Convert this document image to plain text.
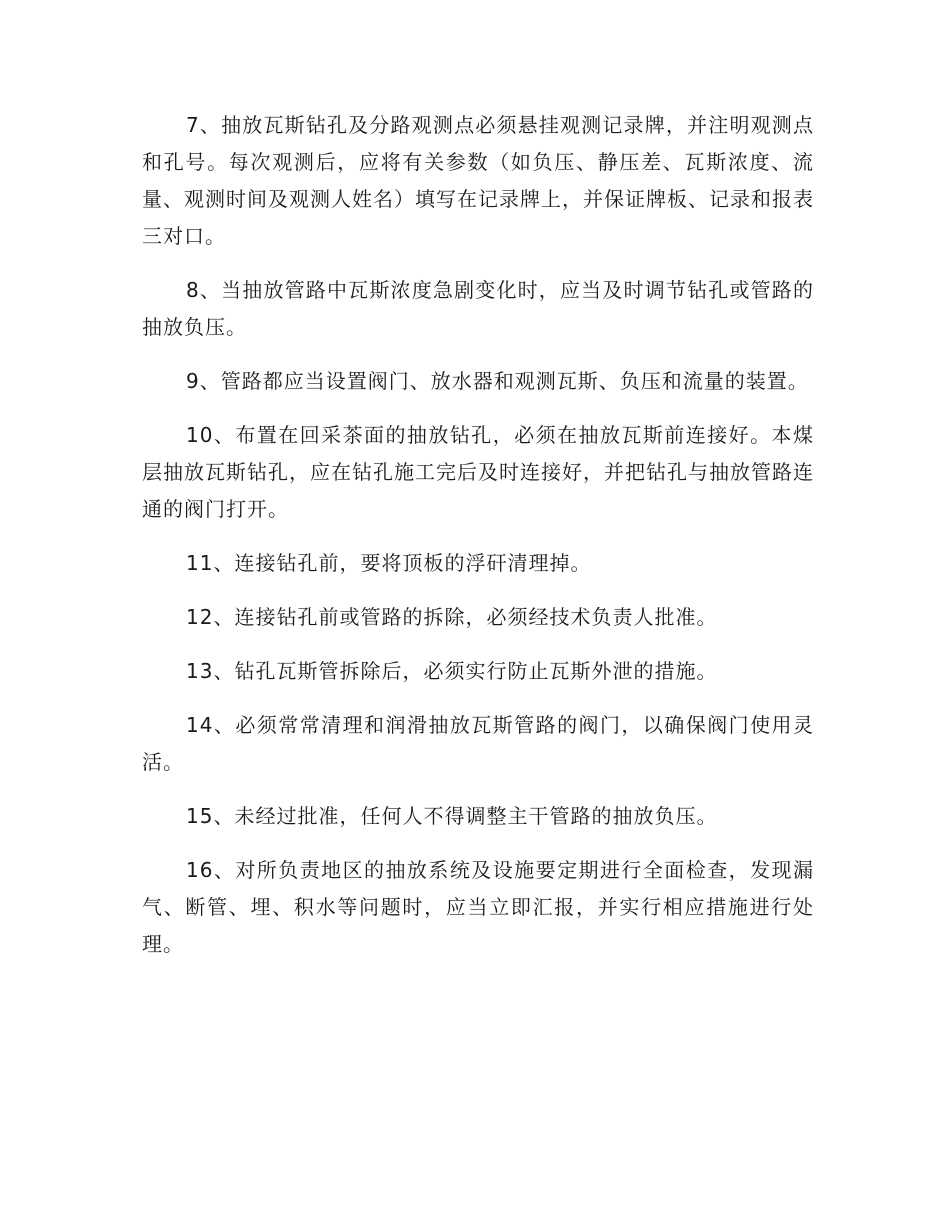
7、抽放瓦斯钻孔及分路观测点必须悬挂观测记录牌，并注明观测点和孔号。每次观测后，应将有关参数（如负压、静压差、瓦斯浓度、流量、观测时间及观测人姓名）填写在记录牌上，并保证牌板、记录和报表三对口。

8、当抽放管路中瓦斯浓度急剧变化时，应当及时调节钻孔或管路的抽放负压。

9、管路都应当设置阀门、放水器和观测瓦斯、负压和流量的装置。

10、布置在回采茶面的抽放钻孔，必须在抽放瓦斯前连接好。本煤层抽放瓦斯钻孔，应在钻孔施工完后及时连接好，并把钻孔与抽放管路连通的阀门打开。

11、连接钻孔前，要将顶板的浮矸清理掉。

12、连接钻孔前或管路的拆除，必须经技术负责人批准。

13、钻孔瓦斯管拆除后，必须实行防止瓦斯外泄的措施。

14、必须常常清理和润滑抽放瓦斯管路的阀门，以确保阀门使用灵活。

15、未经过批准，任何人不得调整主干管路的抽放负压。

16、对所负责地区的抽放系统及设施要定期进行全面检查，发现漏气、断管、埋、积水等问题时，应当立即汇报，并实行相应措施进行处理。
